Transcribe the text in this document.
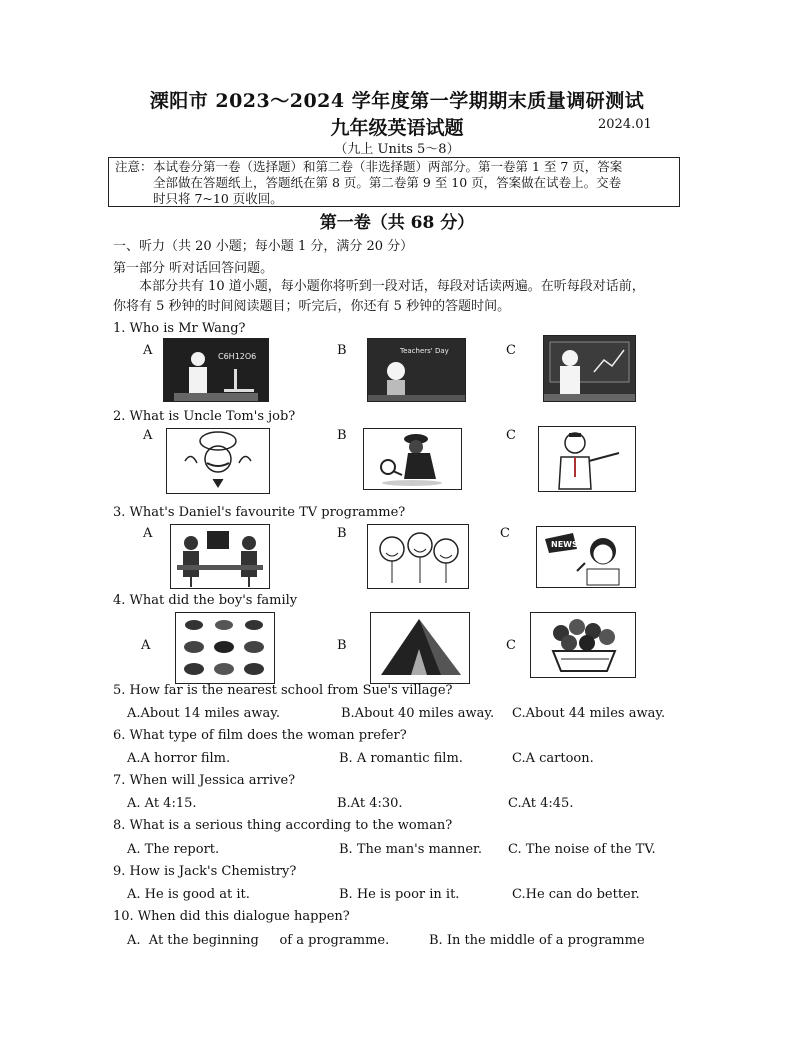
溧阳市 2023～2024 学年度第一学期期末质量调研测试
九年级英语试题	2024.01
（九上 Units 5～8）
注意： 本试卷分第一卷（选择题）和第二卷（非选择题）两部分。第一卷第 1 至 7 页，答案
全部做在答题纸上，答题纸在第 8 页。第二卷第 9 至 10 页，答案做在试卷上。交卷
时只将 7~10 页收回。
第一卷（共 68 分）
一、听力（共 20 小题；每小题 1 分，满分 20 分）
第一部分 听对话回答问题。
本部分共有 10 道小题，每小题你将听到一段对话，每段对话读两遍。在听每段对话前，
你将有 5 秒钟的时间阅读题目；听完后，你还有 5 秒钟的答题时间。
1. Who is Mr Wang?
A	C6H12O6	B	Teachers' Day	C
2. What is Uncle Tom's job?
A	B	C
3. What's Daniel's favourite TV programme?
A	B	C
NEWS
4. What did the boy's family
A	B	C
5. How far is the nearest school from Sue's village?
A.About 14 miles away.	B.About 40 miles away. C.About 44 miles away.
6. What type of film does the woman prefer?
A.A horror film.	B. A romantic film.	C.A cartoon.
7. When will Jessica arrive?
A. At 4:15.	B.At 4:30.	C.At 4:45.
8. What is a serious thing according to the woman?
A. The report.	B. The man's manner. C. The noise of the TV.
9. How is Jack's Chemistry?
A. He is good at it.	B. He is poor in it.	C.He can do better.
10. When did this dialogue happen?
A.  At the beginning     of a programme.	B. In the middle of a programme
